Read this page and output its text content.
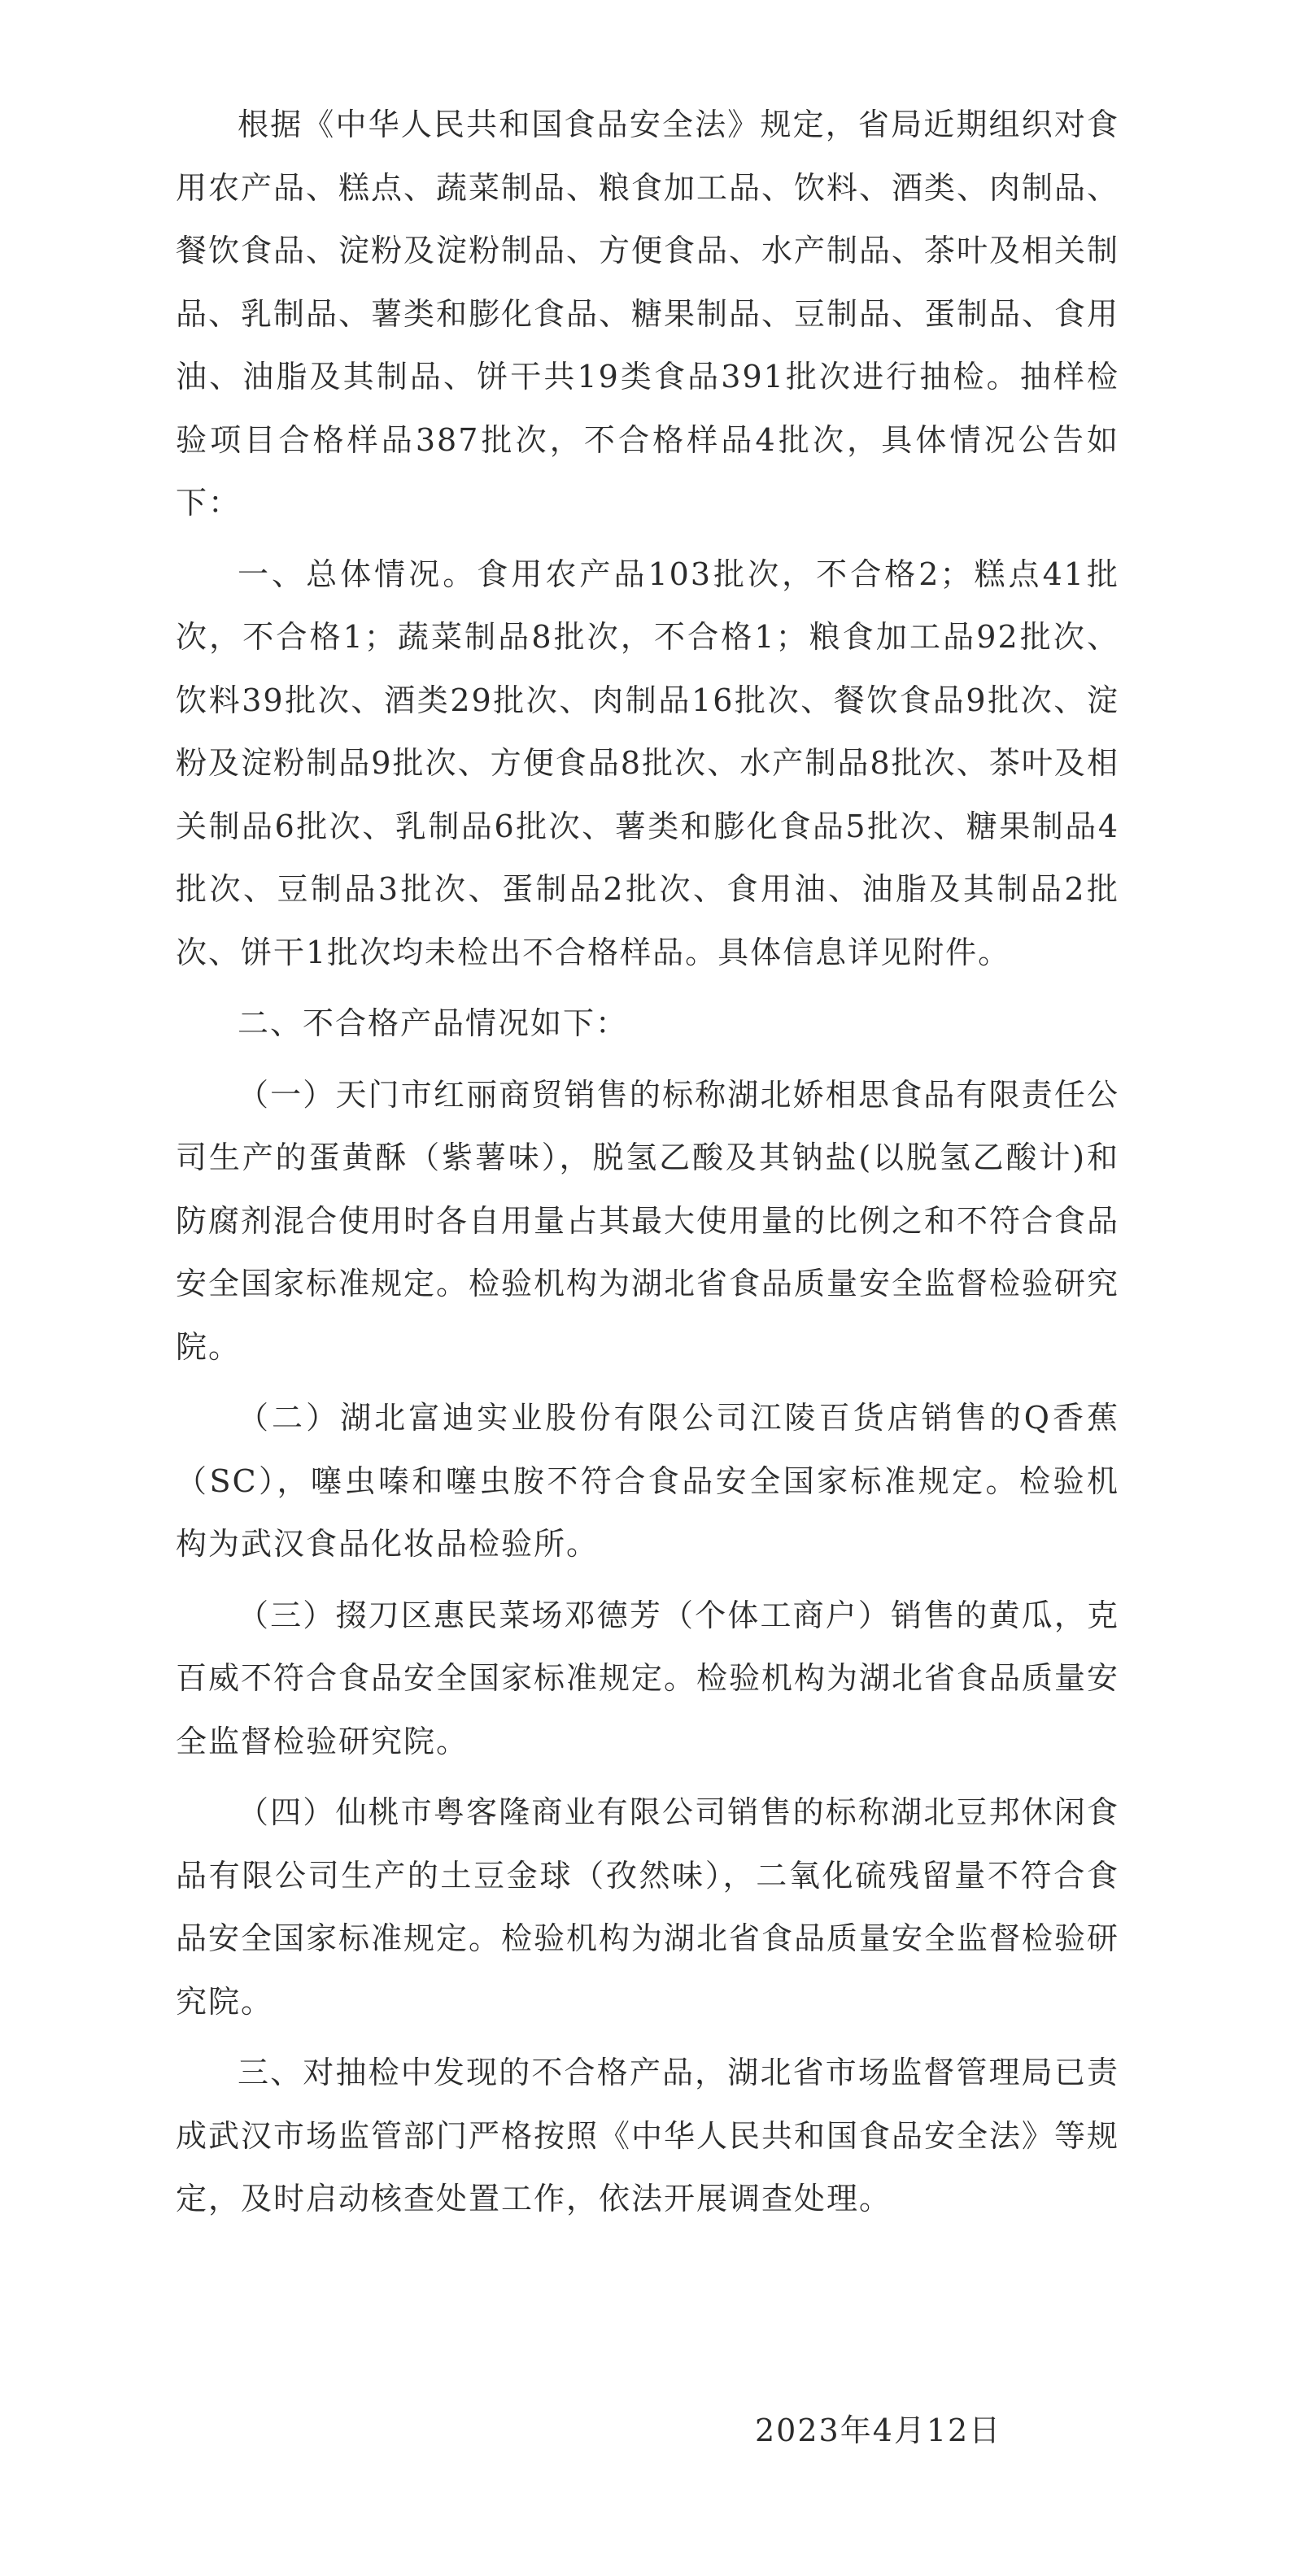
根据《中华人民共和国食品安全法》规定，省局近期组织对食用农产品、糕点、蔬菜制品、粮食加工品、饮料、酒类、肉制品、餐饮食品、淀粉及淀粉制品、方便食品、水产制品、茶叶及相关制品、乳制品、薯类和膨化食品、糖果制品、豆制品、蛋制品、食用油、油脂及其制品、饼干共19类食品391批次进行抽检。抽样检验项目合格样品387批次，不合格样品4批次，具体情况公告如下：

一、总体情况。食用农产品103批次，不合格2；糕点41批次，不合格1；蔬菜制品8批次，不合格1；粮食加工品92批次、饮料39批次、酒类29批次、肉制品16批次、餐饮食品9批次、淀粉及淀粉制品9批次、方便食品8批次、水产制品8批次、茶叶及相关制品6批次、乳制品6批次、薯类和膨化食品5批次、糖果制品4批次、豆制品3批次、蛋制品2批次、食用油、油脂及其制品2批次、饼干1批次均未检出不合格样品。具体信息详见附件。

二、不合格产品情况如下：

（一）天门市红丽商贸销售的标称湖北娇相思食品有限责任公司生产的蛋黄酥（紫薯味），脱氢乙酸及其钠盐(以脱氢乙酸计)和防腐剂混合使用时各自用量占其最大使用量的比例之和不符合食品安全国家标准规定。检验机构为湖北省食品质量安全监督检验研究院。

（二）湖北富迪实业股份有限公司江陵百货店销售的Q香蕉（SC），噻虫嗪和噻虫胺不符合食品安全国家标准规定。检验机构为武汉食品化妆品检验所。

（三）掇刀区惠民菜场邓德芳（个体工商户）销售的黄瓜，克百威不符合食品安全国家标准规定。检验机构为湖北省食品质量安全监督检验研究院。

（四）仙桃市粤客隆商业有限公司销售的标称湖北豆邦休闲食品有限公司生产的土豆金球（孜然味），二氧化硫残留量不符合食品安全国家标准规定。检验机构为湖北省食品质量安全监督检验研究院。

三、对抽检中发现的不合格产品，湖北省市场监督管理局已责成武汉市场监管部门严格按照《中华人民共和国食品安全法》等规定，及时启动核查处置工作，依法开展调查处理。

2023年4月12日
